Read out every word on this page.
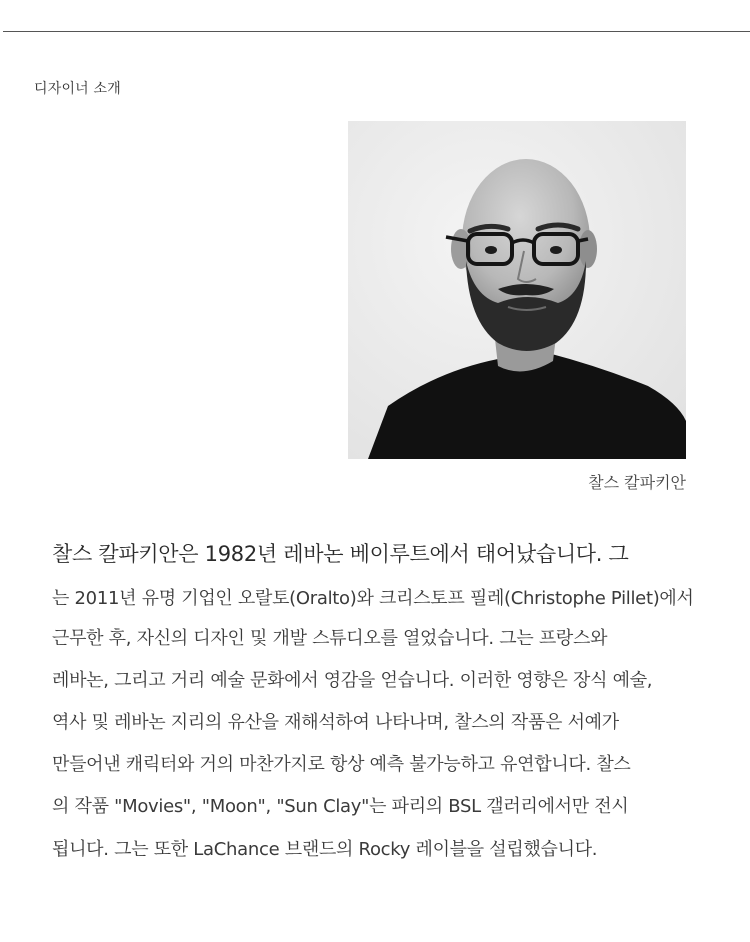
디자이너 소개
찰스 칼파키안
찰스 칼파키안은 1982년 레바논 베이루트에서 태어났습니다. 그
는 2011년 유명 기업인 오랄토(Oralto)와 크리스토프 필레(Christophe Pillet)에서
근무한 후, 자신의 디자인 및 개발 스튜디오를 열었습니다. 그는 프랑스와
레바논, 그리고 거리 예술 문화에서 영감을 얻습니다. 이러한 영향은 장식 예술,
역사 및 레바논 지리의 유산을 재해석하여 나타나며, 찰스의 작품은 서예가
만들어낸 캐릭터와 거의 마찬가지로 항상 예측 불가능하고 유연합니다. 찰스
의 작품 "Movies", "Moon", "Sun Clay"는 파리의 BSL 갤러리에서만 전시
됩니다. 그는 또한 LaChance 브랜드의 Rocky 레이블을 설립했습니다.
